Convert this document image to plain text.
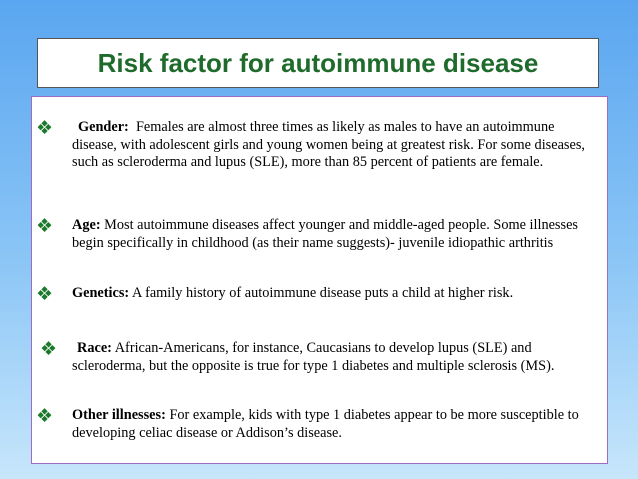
Risk factor for autoimmune disease
❖	Gender: Females are almost three times as likely as males to have an autoimmune disease, with adolescent girls and young women being at greatest risk. For some diseases, such as scleroderma and lupus (SLE), more than 85 percent of patients are female.
❖ Age: Most autoimmune diseases affect younger and middle-aged people. Some illnesses begin specifically in childhood (as their name suggests)- juvenile idiopathic arthritis
❖ Genetics: A family history of autoimmune disease puts a child at higher risk.
❖	Race: African-Americans, for instance, Caucasians to develop lupus (SLE) and scleroderma, but the opposite is true for type 1 diabetes and multiple sclerosis (MS).
❖ Other illnesses: For example, kids with type 1 diabetes appear to be more susceptible to developing celiac disease or Addison’s disease.
